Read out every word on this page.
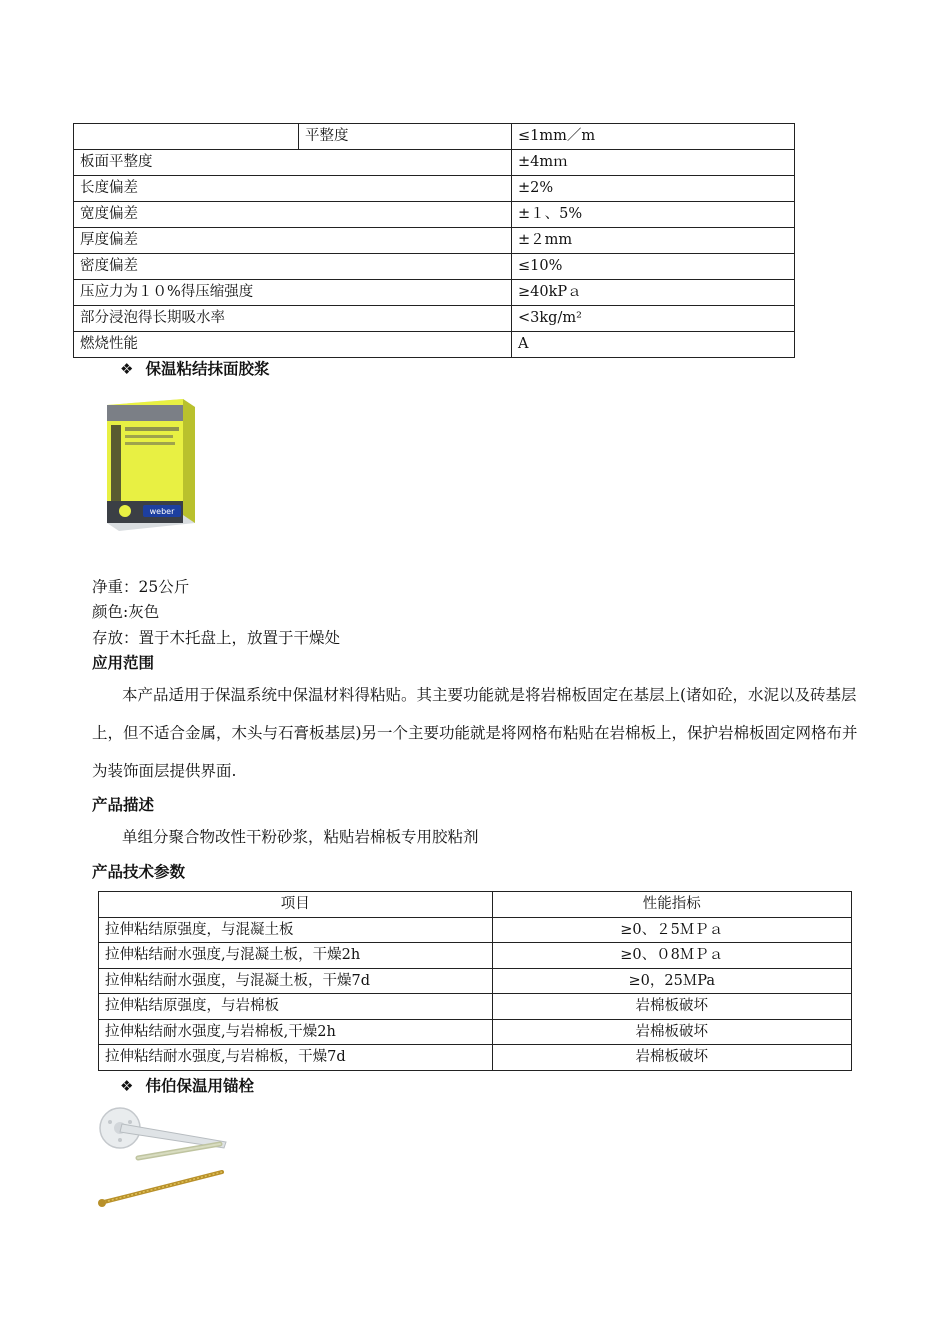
	平整度	≤1mm／m
板面平整度		±4mｍ
长度偏差		±2%
宽度偏差		±１、5%
厚度偏差		±２mm
密度偏差		≤10%
压应力为１０%得压缩强度		≥40kPａ
部分浸泡得长期吸水率		<3kg/m²
燃烧性能		A
❖ 保温粘结抹面胶浆
weber
净重：25公斤
颜色:灰色
存放：置于木托盘上，放置于干燥处
应用范围
本产品适用于保温系统中保温材料得粘贴。其主要功能就是将岩棉板固定在基层上(诸如砼，水泥以及砖基层上，但不适合金属，木头与石膏板基层)另一个主要功能就是将网格布粘贴在岩棉板上，保护岩棉板固定网格布并为装饰面层提供界面.
产品描述
单组分聚合物改性干粉砂浆，粘贴岩棉板专用胶粘剂
产品技术参数
项目	性能指标
拉伸粘结原强度，与混凝土板	≥0、２5ＭＰａ
拉伸粘结耐水强度,与混凝土板，干燥2h	≥0、０8ＭＰａ
拉伸粘结耐水强度，与混凝土板，干燥7d	≥0，25ＭPa
拉伸粘结原强度，与岩棉板	岩棉板破坏
拉伸粘结耐水强度,与岩棉板,干燥2h	岩棉板破坏
拉伸粘结耐水强度,与岩棉板，干燥7d	岩棉板破坏
❖ 伟伯保温用锚栓
